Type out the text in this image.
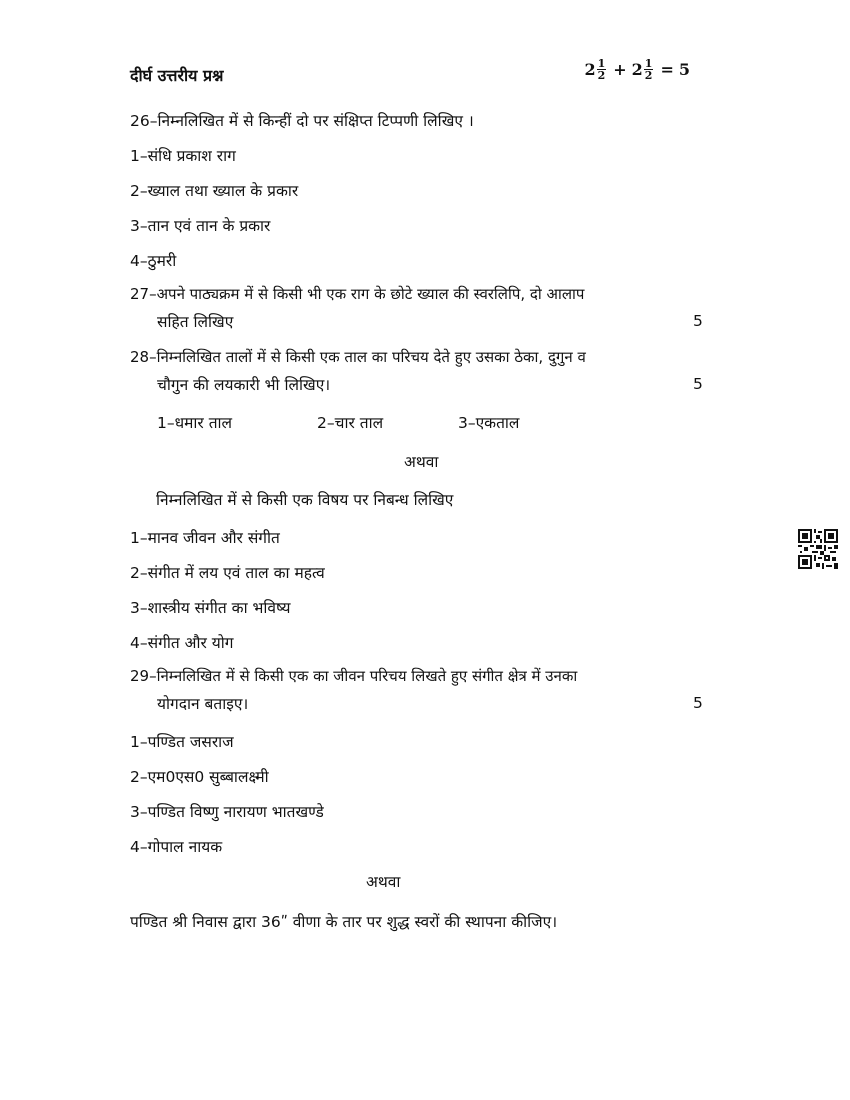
दीर्घ उत्तरीय प्रश्न	$2 \frac{1}{2} + 2 \frac{1}{2} = 5$
26–निम्नलिखित में से किन्हीं दो पर संक्षिप्त टिप्पणी लिखिए ।
1–संधि प्रकाश राग
2–ख्याल तथा ख्याल के प्रकार
3–तान एवं तान के प्रकार
4–ठुमरी
27–अपने पाठ्यक्रम में से किसी भी एक राग के छोटे ख्याल की स्वरलिपि, दो आलाप
सहित लिखिए	5
28–निम्नलिखित तालों में से किसी एक ताल का परिचय देते हुए उसका ठेका, दुगुन व
चौगुन की लयकारी भी लिखिए।	5
1–धमार ताल	2–चार ताल	3–एकताल
अथवा
निम्नलिखित में से किसी एक विषय पर निबन्ध लिखिए
1–मानव जीवन और संगीत
2–संगीत में लय एवं ताल का महत्व
3–शास्त्रीय संगीत का भविष्य
4–संगीत और योग
29–निम्नलिखित में से किसी एक का जीवन परिचय लिखते हुए संगीत क्षेत्र में उनका
योगदान बताइए।	5
1–पण्डित जसराज
2–एम0एस0 सुब्बालक्ष्मी
3–पण्डित विष्णु नारायण भातखण्डे
4–गोपाल नायक
अथवा
पण्डित श्री निवास द्वारा 36ʺ वीणा के तार पर शुद्ध स्वरों की स्थापना कीजिए।
